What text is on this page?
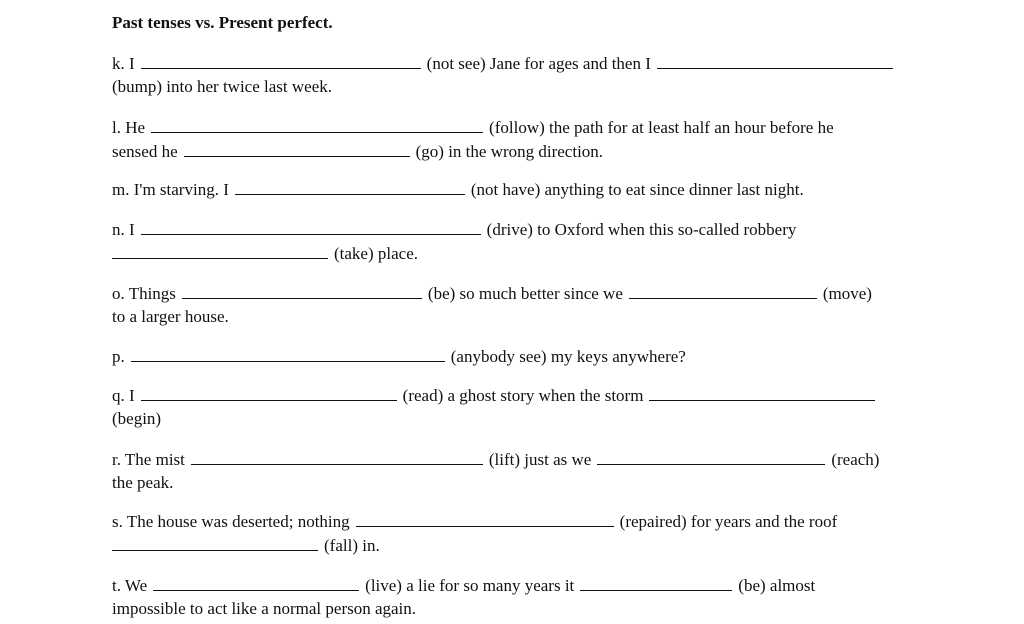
Past tenses vs. Present perfect.
k. I	(not see) Jane for ages and then I
(bump) into her twice last week.
l. He	(follow) the path for at least half an hour before he
sensed he	(go) in the wrong direction.
m. I'm starving. I	(not have) anything to eat since dinner last night.
n. I	(drive) to Oxford when this so-called robbery
(take) place.
o. Things	(be) so much better since we	(move)
to a larger house.
p.	(anybody see) my keys anywhere?
q. I	(read) a ghost story when the storm
(begin)
r. The mist	(lift) just as we	(reach)
the peak.
s. The house was deserted; nothing	(repaired) for years and the roof
(fall) in.
t. We	(live) a lie for so many years it	(be) almost
impossible to act like a normal person again.
